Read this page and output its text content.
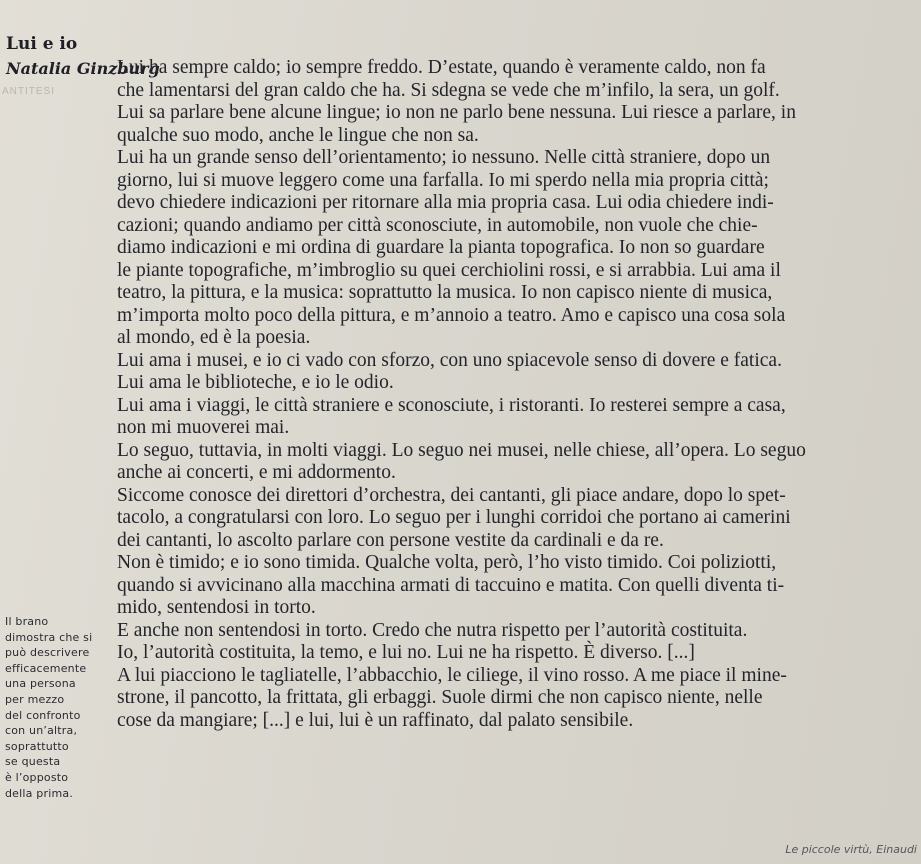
Lui e io
Natalia Ginzburg
ANTITESI
Lui ha sempre caldo; io sempre freddo. D’estate, quando è veramente caldo, non fa
che lamentarsi del gran caldo che ha. Si sdegna se vede che m’infilo, la sera, un golf.
Lui sa parlare bene alcune lingue; io non ne parlo bene nessuna. Lui riesce a parlare, in
qualche suo modo, anche le lingue che non sa.
Lui ha un grande senso dell’orientamento; io nessuno. Nelle città straniere, dopo un
giorno, lui si muove leggero come una farfalla. Io mi sperdo nella mia propria città;
devo chiedere indicazioni per ritornare alla mia propria casa. Lui odia chiedere indi-
cazioni; quando andiamo per città sconosciute, in automobile, non vuole che chie-
diamo indicazioni e mi ordina di guardare la pianta topografica. Io non so guardare
le piante topografiche, m’imbroglio su quei cerchiolini rossi, e si arrabbia. Lui ama il
teatro, la pittura, e la musica: soprattutto la musica. Io non capisco niente di musica,
m’importa molto poco della pittura, e m’annoio a teatro. Amo e capisco una cosa sola
al mondo, ed è la poesia.
Lui ama i musei, e io ci vado con sforzo, con uno spiacevole senso di dovere e fatica.
Lui ama le biblioteche, e io le odio.
Lui ama i viaggi, le città straniere e sconosciute, i ristoranti. Io resterei sempre a casa,
non mi muoverei mai.
Lo seguo, tuttavia, in molti viaggi. Lo seguo nei musei, nelle chiese, all’opera. Lo seguo
anche ai concerti, e mi addormento.
Siccome conosce dei direttori d’orchestra, dei cantanti, gli piace andare, dopo lo spet-
tacolo, a congratularsi con loro. Lo seguo per i lunghi corridoi che portano ai camerini
dei cantanti, lo ascolto parlare con persone vestite da cardinali e da re.
Non è timido; e io sono timida. Qualche volta, però, l’ho visto timido. Coi poliziotti,
quando si avvicinano alla macchina armati di taccuino e matita. Con quelli diventa ti-
mido, sentendosi in torto.
E anche non sentendosi in torto. Credo che nutra rispetto per l’autorità costituita.
Io, l’autorità costituita, la temo, e lui no. Lui ne ha rispetto. È diverso. [...]
A lui piacciono le tagliatelle, l’abbacchio, le ciliege, il vino rosso. A me piace il mine-
strone, il pancotto, la frittata, gli erbaggi. Suole dirmi che non capisco niente, nelle
cose da mangiare; [...] e lui, lui è un raffinato, dal palato sensibile.
Il brano
dimostra che si
può descrivere
efficacemente
una persona
per mezzo
del confronto
con un’altra,
soprattutto
se questa
è l’opposto
della prima.
Le piccole virtù, Einaudi
